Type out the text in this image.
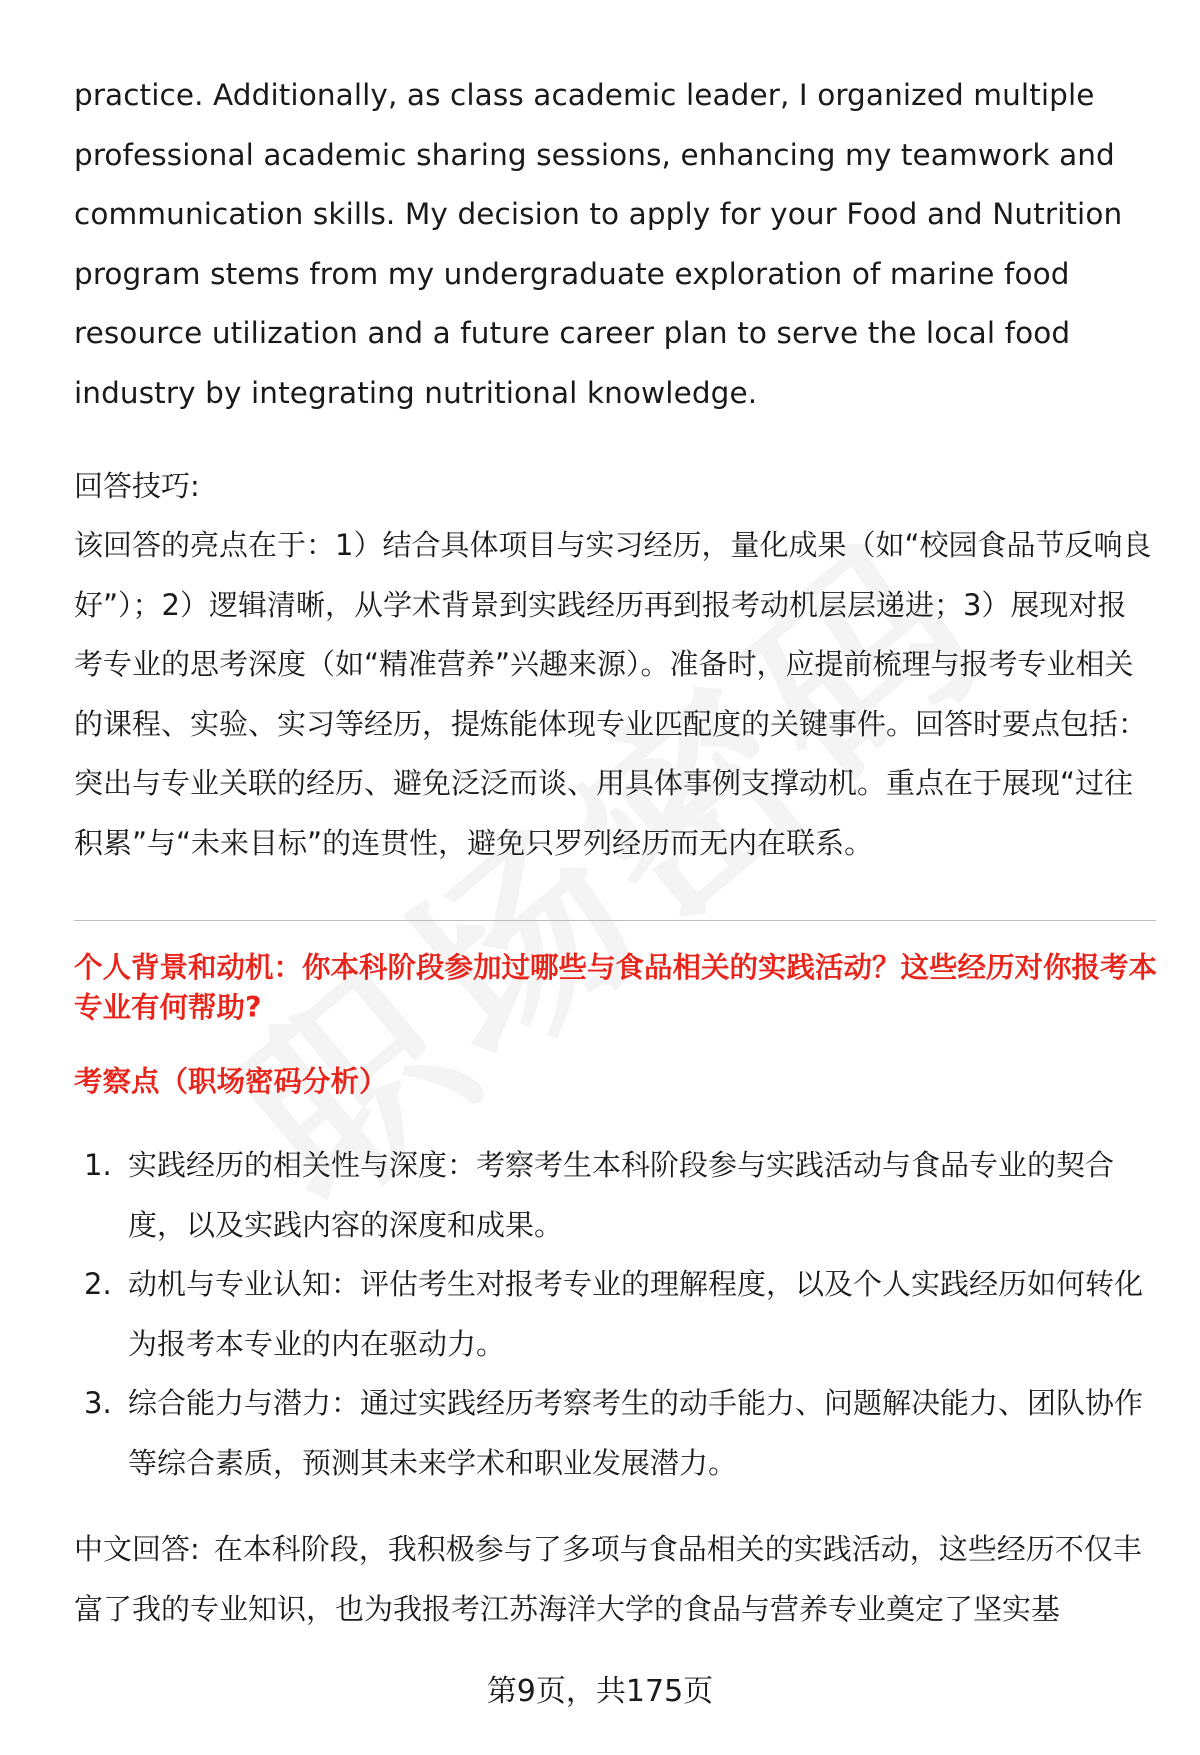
practice. Additionally, as class academic leader, I organized multiple professional academic sharing sessions, enhancing my teamwork and communication skills. My decision to apply for your Food and Nutrition program stems from my undergraduate exploration of marine food resource utilization and a future career plan to serve the local food industry by integrating nutritional knowledge.

回答技巧:

该回答的亮点在于：1）结合具体项目与实习经历，量化成果（如“校园食品节反响良好”）；2）逻辑清晰，从学术背景到实践经历再到报考动机层层递进；3）展现对报考专业的思考深度（如“精准营养”兴趣来源）。准备时，应提前梳理与报考专业相关的课程、实验、实习等经历，提炼能体现专业匹配度的关键事件。回答时要点包括：突出与专业关联的经历、避免泛泛而谈、用具体事例支撑动机。重点在于展现“过往积累”与“未来目标”的连贯性，避免只罗列经历而无内在联系。

个人背景和动机：你本科阶段参加过哪些与食品相关的实践活动？这些经历对你报考本专业有何帮助?
考察点（职场密码分析）
1. 实践经历的相关性与深度：考察考生本科阶段参与实践活动与食品专业的契合度，以及实践内容的深度和成果。
2. 动机与专业认知：评估考生对报考专业的理解程度，以及个人实践经历如何转化为报考本专业的内在驱动力。
3. 综合能力与潜力：通过实践经历考察考生的动手能力、问题解决能力、团队协作等综合素质，预测其未来学术和职业发展潜力。

中文回答: 在本科阶段，我积极参与了多项与食品相关的实践活动，这些经历不仅丰富了我的专业知识，也为我报考江苏海洋大学的食品与营养专业奠定了坚实基

第9页，共175页
